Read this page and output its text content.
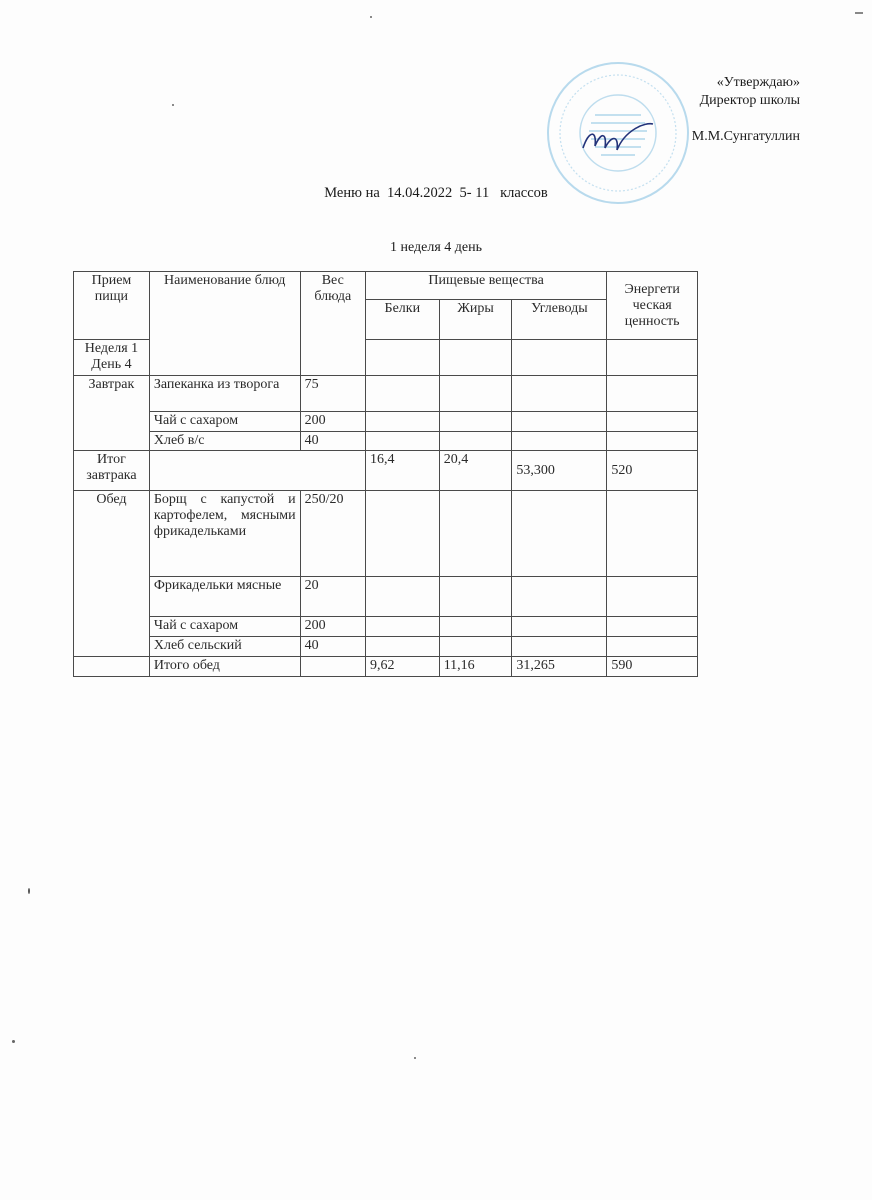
«Утверждаю»
Директор школы
М.М.Сунгатуллин
Меню на  14.04.2022  5- 11   классов
1 неделя 4 день
Прием пищи	Наименование блюд	Вес блюда	Пищевые вещества			Энергети ческая ценность
			Белки	Жиры	Углеводы	
Неделя 1 День 4						
Завтрак	Запеканка из творога	75				
	Чай с сахаром	200				
	Хлеб в/с	40				
Итог завтрака			16,4	20,4	53,300	520
Обед	Борщ с капустой и картофелем, мясными фрикадельками	250/20				
	Фрикадельки мясные	20				
	Чай с сахаром	200				
	Хлеб сельский	40				
	Итого обед		9,62	11,16	31,265	590
